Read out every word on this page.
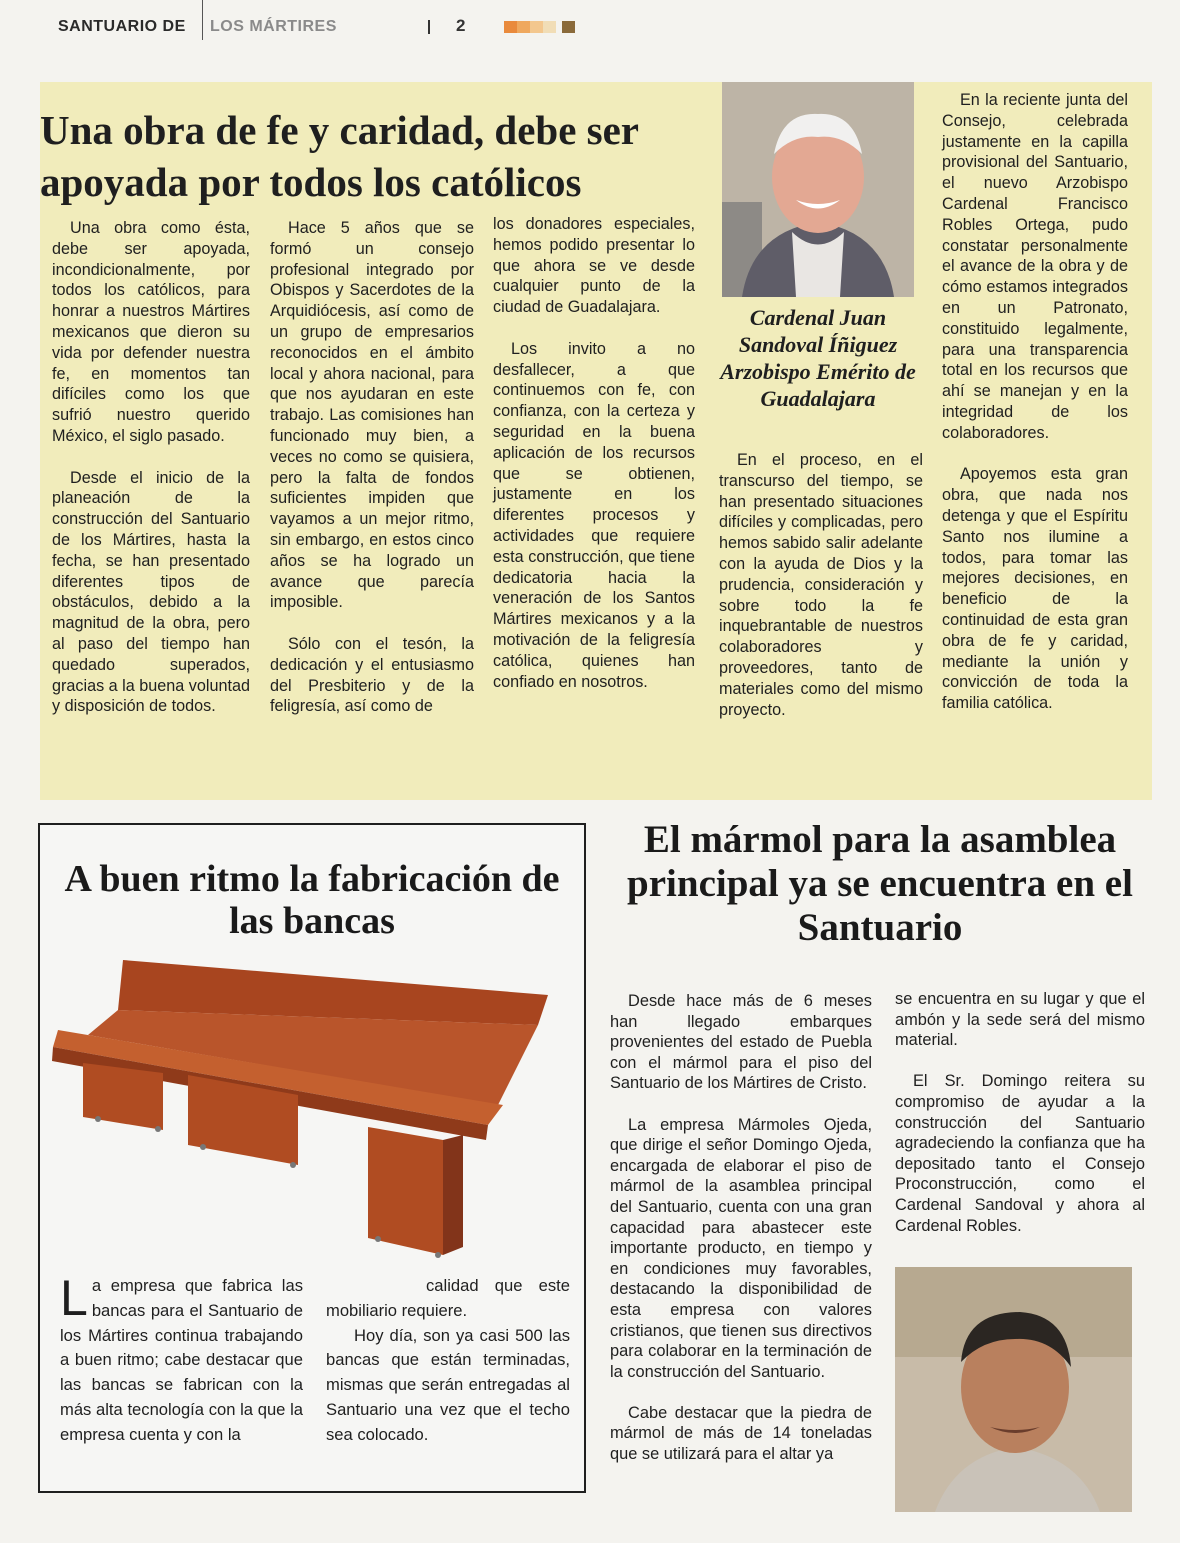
SANTUARIO DE LOS MÁRTIRES	2
Una obra de fe y caridad, debe ser apoyada por todos los católicos

Una obra como ésta, debe ser apoyada, incondicionalmente, por todos los católicos, para honrar a nuestros Mártires mexicanos que dieron su vida por defender nuestra fe, en momentos tan difíciles como los que sufrió nuestro querido México, el siglo pasado.

Desde el inicio de la planeación de la construcción del Santuario de los Mártires, hasta la fecha, se han presentado diferentes tipos de obstáculos, debido a la magnitud de la obra, pero al paso del tiempo han quedado superados, gracias a la buena voluntad y disposición de todos.

Hace 5 años que se formó un consejo profesional integrado por Obispos y Sacerdotes de la Arquidiócesis, así como de un grupo de empresarios reconocidos en el ámbito local y ahora nacional, para que nos ayudaran en este trabajo. Las comisiones han funcionado muy bien, a veces no como se quisiera, pero la falta de fondos suficientes impiden que vayamos a un mejor ritmo, sin embargo, en estos cinco años se ha logrado un avance que parecía imposible.

Sólo con el tesón, la dedicación y el entusiasmo del Presbiterio y de la feligresía, así como de

los donadores especiales, hemos podido presentar lo que ahora se ve desde cualquier punto de la ciudad de Guadalajara.

Los invito a no desfallecer, a que continuemos con fe, con confianza, con la certeza y seguridad en la buena aplicación de los recursos que se obtienen, justamente en los diferentes procesos y actividades que requiere esta construcción, que tiene dedicatoria hacia la veneración de los Santos Mártires mexicanos y a la motivación de la feligresía católica, quienes han confiado en nosotros.

Cardenal Juan Sandoval Íñiguez Arzobispo Emérito de Guadalajara

En el proceso, en el transcurso del tiempo, se han presentado situaciones difíciles y complicadas, pero hemos sabido salir adelante con la ayuda de Dios y la prudencia, consideración y sobre todo la fe inquebrantable de nuestros colaboradores y proveedores, tanto de materiales como del mismo proyecto.

En la reciente junta del Consejo, celebrada justamente en la capilla provisional del Santuario, el nuevo Arzobispo Cardenal Francisco Robles Ortega, pudo constatar personalmente el avance de la obra y de cómo estamos integrados en un Patronato, constituido legalmente, para una transparencia total en los recursos que ahí se manejan y en la integridad de los colaboradores.

Apoyemos esta gran obra, que nada nos detenga y que el Espíritu Santo nos ilumine a todos, para tomar las mejores decisiones, en beneficio de la continuidad de esta gran obra de fe y caridad, mediante la unión y convicción de toda la familia católica.

A buen ritmo la fabricación de las bancas
L a empresa que fabrica las bancas para el Santuario de los Mártires continua trabajando a buen ritmo; cabe destacar que las bancas se fabrican con la más alta tecnología con la que la empresa cuenta y con la

calidad que este mobiliario requiere.

Hoy día, son ya casi 500 las bancas que están terminadas, mismas que serán entregadas al Santuario una vez que el techo sea colocado.

El mármol para la asamblea principal ya se encuentra en el Santuario

Desde hace más de 6 meses han llegado embarques provenientes del estado de Puebla con el mármol para el piso del Santuario de los Mártires de Cristo.

La empresa Mármoles Ojeda, que dirige el señor Domingo Ojeda, encargada de elaborar el piso de mármol de la asamblea principal del Santuario, cuenta con una gran capacidad para abastecer este importante producto, en tiempo y en condiciones muy favorables, destacando la disponibilidad de esta empresa con valores cristianos, que tienen sus directivos para colaborar en la terminación de la construcción del Santuario.

Cabe destacar que la piedra de mármol de más de 14 toneladas que se utilizará para el altar ya

se encuentra en su lugar y que el ambón y la sede será del mismo material.

El Sr. Domingo reitera su compromiso de ayudar a la construcción del Santuario agradeciendo la confianza que ha depositado tanto el Consejo Proconstrucción, como el Cardenal Sandoval y ahora al Cardenal Robles.
